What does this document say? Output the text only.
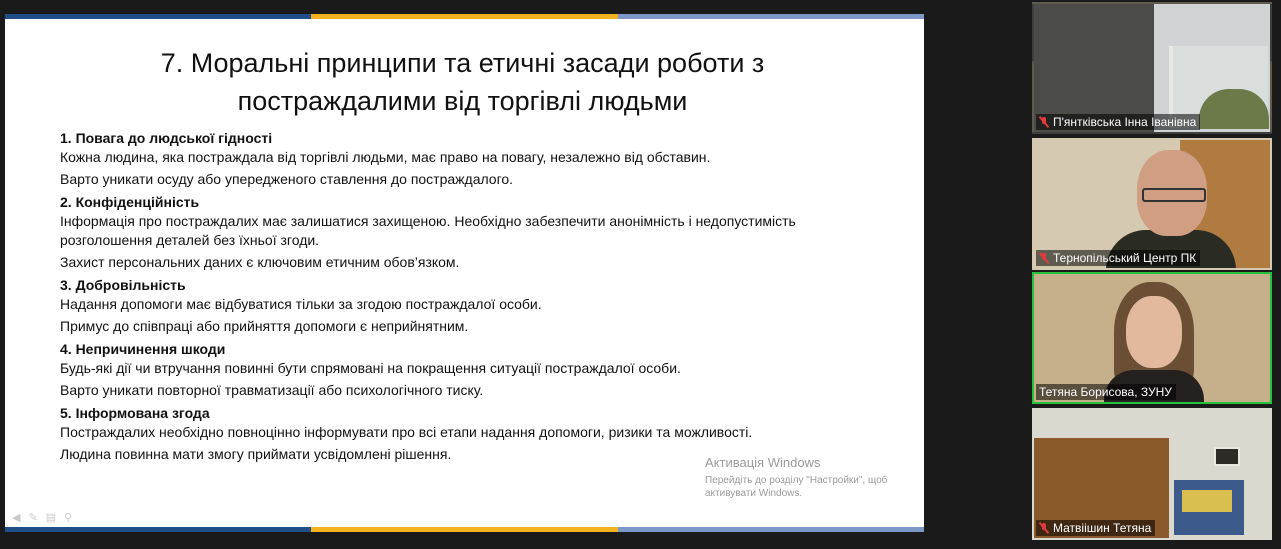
7. Моральні принципи та етичні засади роботи з постраждалими від торгівлі людьми
1. Повага до людської гідності

Кожна людина, яка постраждала від торгівлі людьми, має право на повагу, незалежно від обставин.

Варто уникати осуду або упередженого ставлення до постраждалого.

2. Конфіденційність

Інформація про постраждалих має залишатися захищеною. Необхідно забезпечити анонімність і недопустимість розголошення деталей без їхньої згоди.

Захист персональних даних є ключовим етичним обов’язком.

3. Добровільність

Надання допомоги має відбуватися тільки за згодою постраждалої особи.

Примус до співпраці або прийняття допомоги є неприйнятним.

4. Непричинення шкоди

Будь-які дії чи втручання повинні бути спрямовані на покращення ситуації постраждалої особи.

Варто уникати повторної травматизації або психологічного тиску.

5. Інформована згода

Постраждалих необхідно повноцінно інформувати про всі етапи надання допомоги, ризики та можливості.

Людина повинна мати змогу приймати усвідомлені рішення.

Активація Windows
Перейдіть до розділу "Настройки", щоб активувати Windows.
◀ ✎ ▤ ⚲
П'янтківська Інна Іванівна
Тернопільський Центр ПК
Тетяна Борисова, ЗУНУ
Матвіішин Тетяна
